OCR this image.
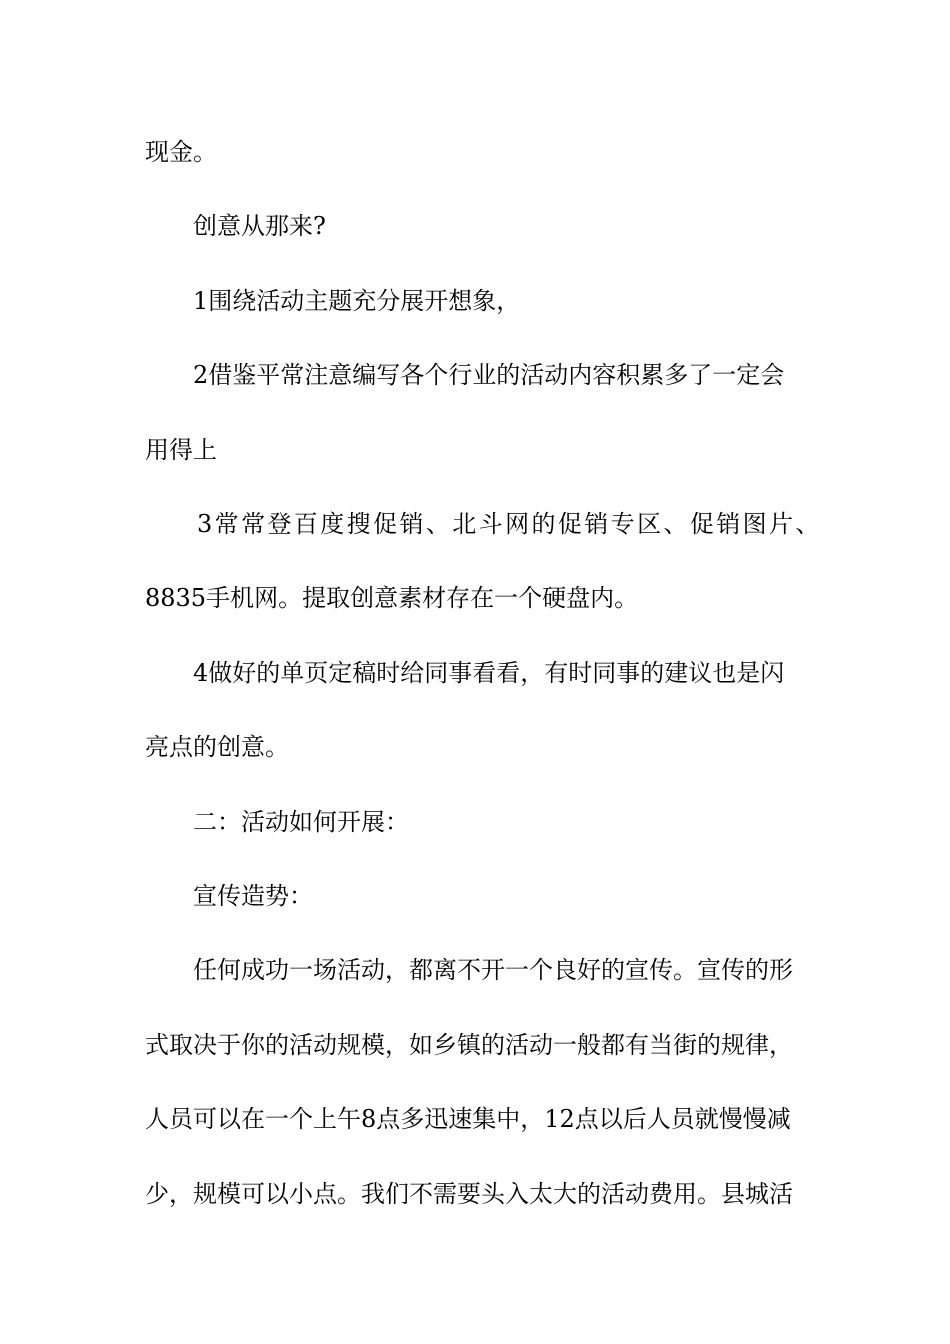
现金。
创意从那来?
1围绕活动主题充分展开想象，
2借鉴平常注意编写各个行业的活动内容积累多了一定会
用得上
3常常登百度搜促销、北斗网的促销专区、促销图片、
8835手机网。提取创意素材存在一个硬盘内。
4做好的单页定稿时给同事看看，有时同事的建议也是闪
亮点的创意。
二：活动如何开展：
宣传造势：
任何成功一场活动，都离不开一个良好的宣传。宣传的形
式取决于你的活动规模，如乡镇的活动一般都有当街的规律，
人员可以在一个上午8点多迅速集中，12点以后人员就慢慢减
少，规模可以小点。我们不需要头入太大的活动费用。县城活
